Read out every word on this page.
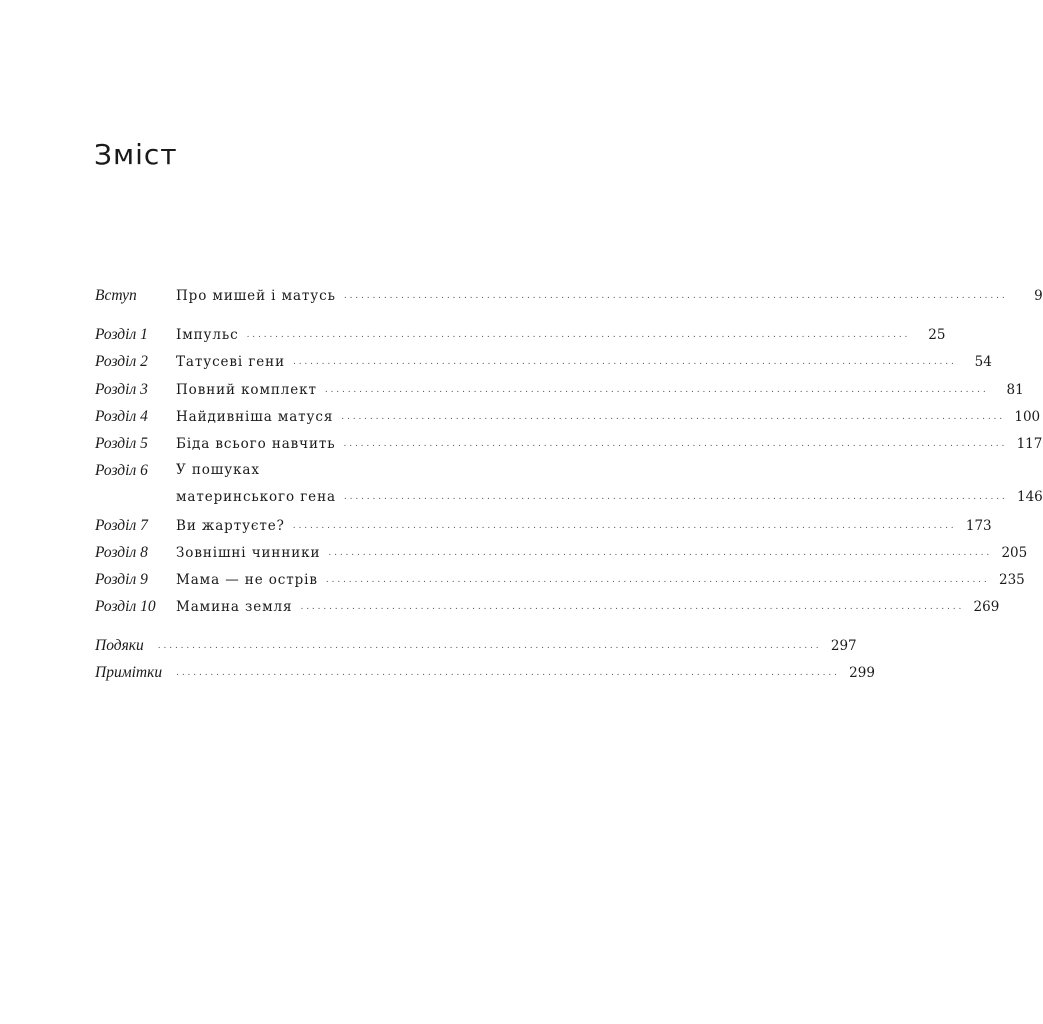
Зміст
Вступ	Про мишей і матусь . . .	9
Розділ 1	Імпульс . . .	25
Розділ 2	Татусеві гени . . .	54
Розділ 3	Повний комплект . . .	81
Розділ 4	Найдивніша матуся . . .	100
Розділ 5	Біда всього навчить . . .	117
Розділ 6	У пошуках
материнського гена . . .	146
Розділ 7	Ви жартуєте? . . .	173
Розділ 8	Зовнішні чинники . . .	205
Розділ 9	Мама — не острів . . .	235
Розділ 10	Мамина земля . . .	269
Подяки . . .	297
Примітки . . .	299
